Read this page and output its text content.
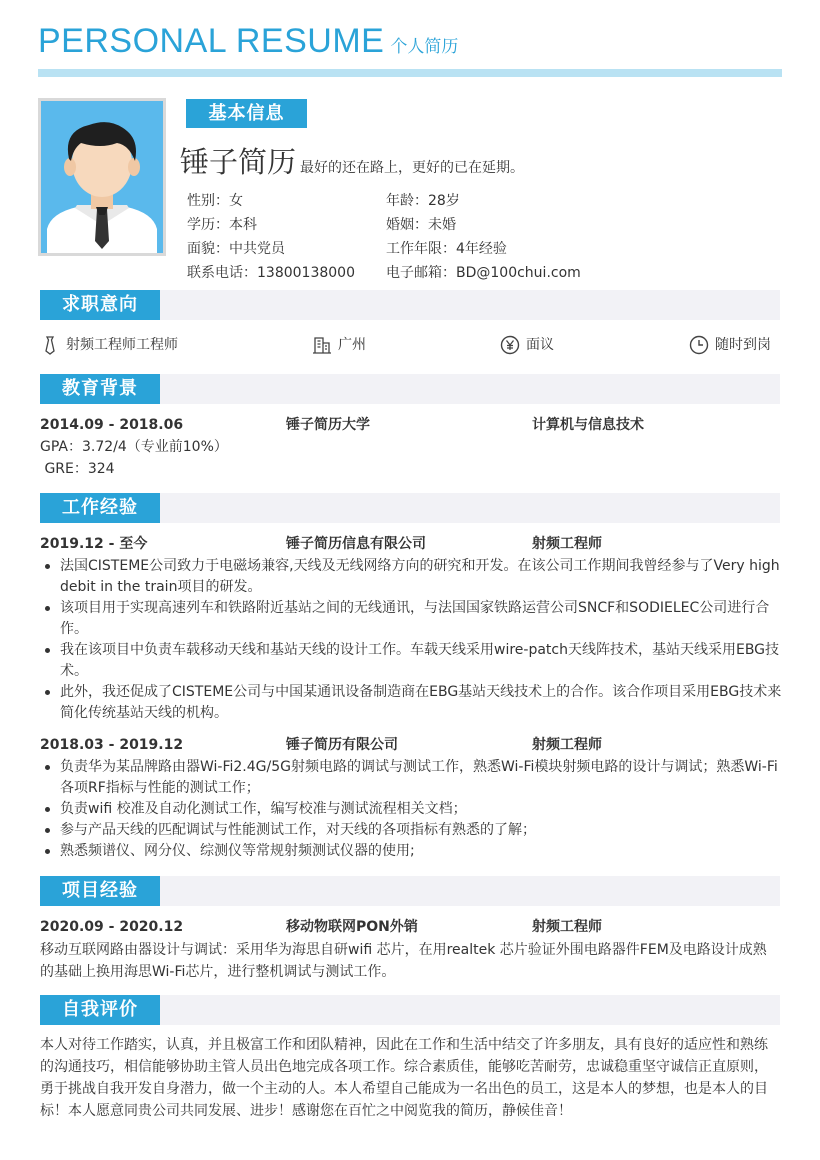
PERSONAL RESUME 个人简历
基本信息
锤子简历 最好的还在路上，更好的已在延期。
性别：女	年龄：28岁
学历：本科	婚姻：未婚
面貌：中共党员	工作年限：4年经验
联系电话：13800138000 电子邮箱：BD@100chui.com
求职意向
射频工程师工程师	广州	面议	随时到岗
教育背景
2014.09 - 2018.06	锤子简历大学	计算机与信息技术
GPA：3.72/4（专业前10%）
GRE：324
工作经验
2019.12 - 至今	锤子简历信息有限公司	射频工程师
法国CISTEME公司致力于电磁场兼容,天线及无线网络方向的研究和开发。在该公司工作期间我曾经参与了Very high debit in the train项目的研发。
该项目用于实现高速列车和铁路附近基站之间的无线通讯，与法国国家铁路运营公司SNCF和SODIELEC公司进行合作。
我在该项目中负责车载移动天线和基站天线的设计工作。车载天线采用wire-patch天线阵技术，基站天线采用EBG技术。
此外，我还促成了CISTEME公司与中国某通讯设备制造商在EBG基站天线技术上的合作。该合作项目采用EBG技术来简化传统基站天线的机构。
2018.03 - 2019.12	锤子简历有限公司	射频工程师
负责华为某品牌路由器Wi-Fi2.4G/5G射频电路的调试与测试工作，熟悉Wi-Fi模块射频电路的设计与调试；熟悉Wi-Fi各项RF指标与性能的测试工作；
负责wifi 校准及自动化测试工作，编写校准与测试流程相关文档；
参与产品天线的匹配调试与性能测试工作，对天线的各项指标有熟悉的了解；
熟悉频谱仪、网分仪、综测仪等常规射频测试仪器的使用;
项目经验
2020.09 - 2020.12	移动物联网PON外销	射频工程师
移动互联网路由器设计与调试：采用华为海思自研wifi 芯片，在用realtek 芯片验证外围电路器件FEM及电路设计成熟的基础上换用海思Wi-Fi芯片，进行整机调试与测试工作。
自我评价
本人对待工作踏实，认真，并且极富工作和团队精神，因此在工作和生活中结交了许多朋友，具有良好的适应性和熟练的沟通技巧，相信能够协助主管人员出色地完成各项工作。综合素质佳，能够吃苦耐劳，忠诚稳重坚守诚信正直原则，勇于挑战自我开发自身潜力，做一个主动的人。本人希望自己能成为一名出色的员工，这是本人的梦想，也是本人的目标！本人愿意同贵公司共同发展、进步！感谢您在百忙之中阅览我的简历，静候佳音！
